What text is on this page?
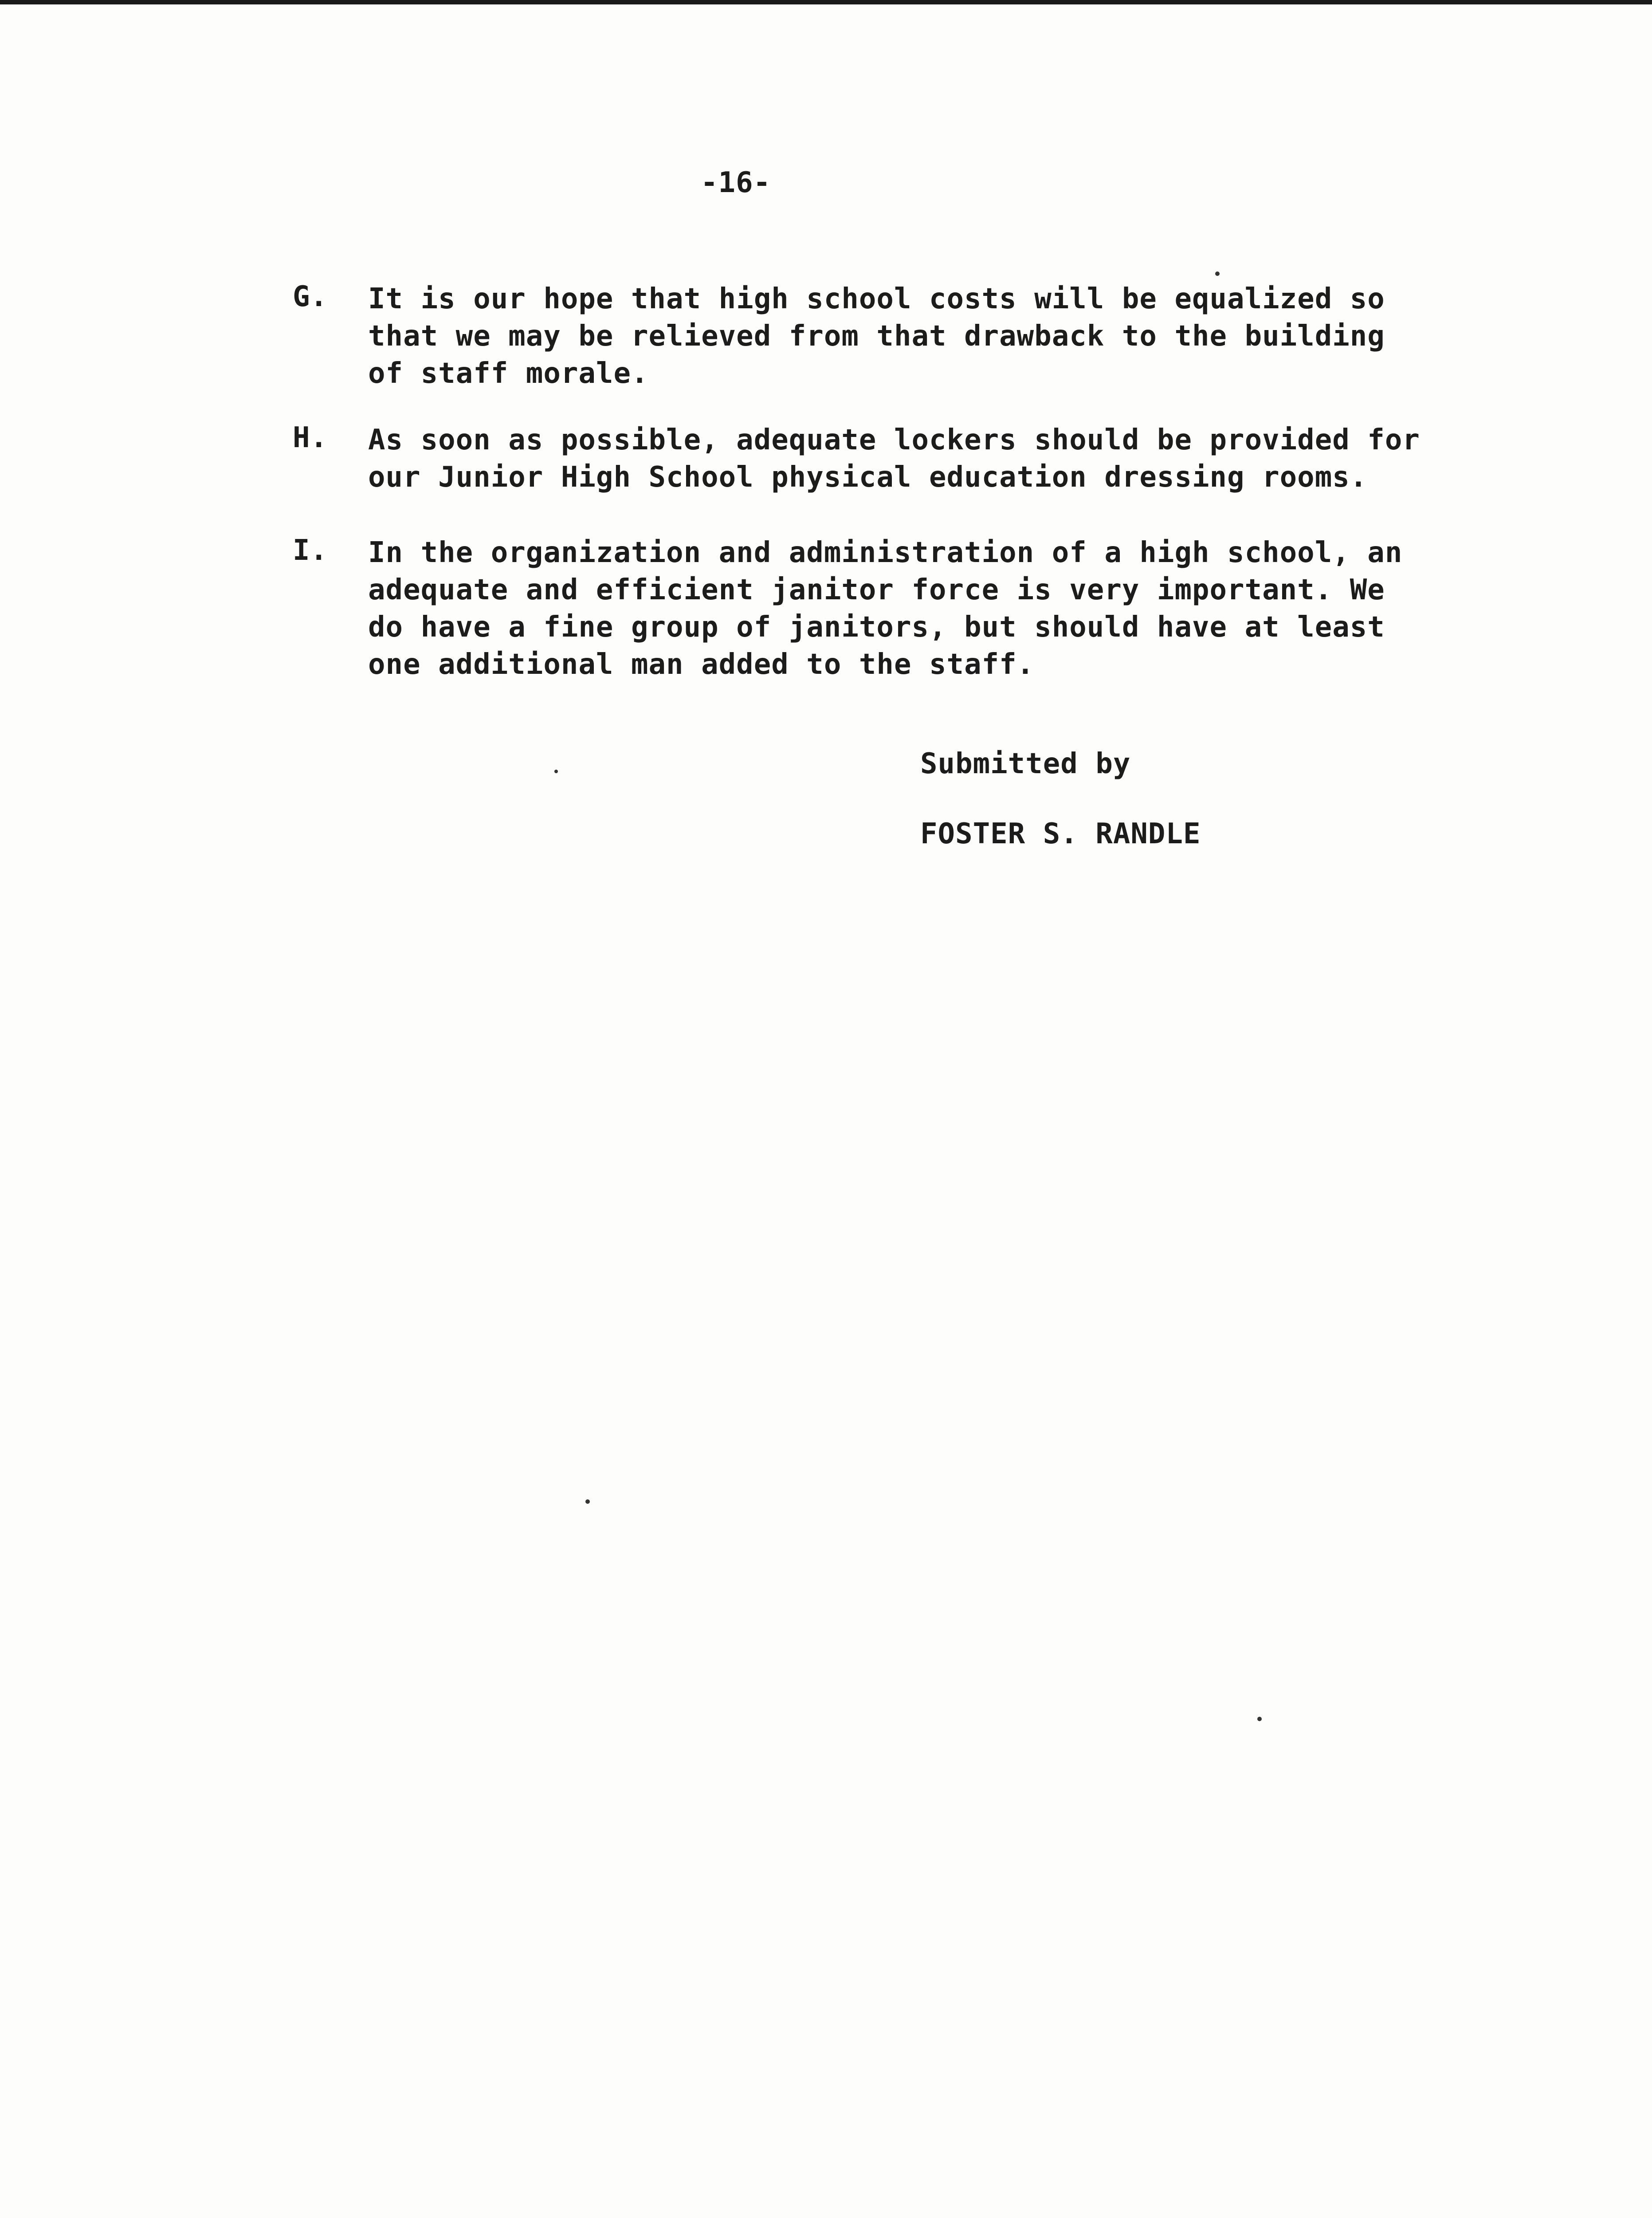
-16-
G. It is our hope that high school costs will be equalized so
that we may be relieved from that drawback to the building
of staff morale.
H. As soon as possible, adequate lockers should be provided for
our Junior High School physical education dressing rooms.
I. In the organization and administration of a high school, an
adequate and efficient janitor force is very important. We
do have a fine group of janitors, but should have at least
one additional man added to the staff.
Submitted by
FOSTER S. RANDLE
